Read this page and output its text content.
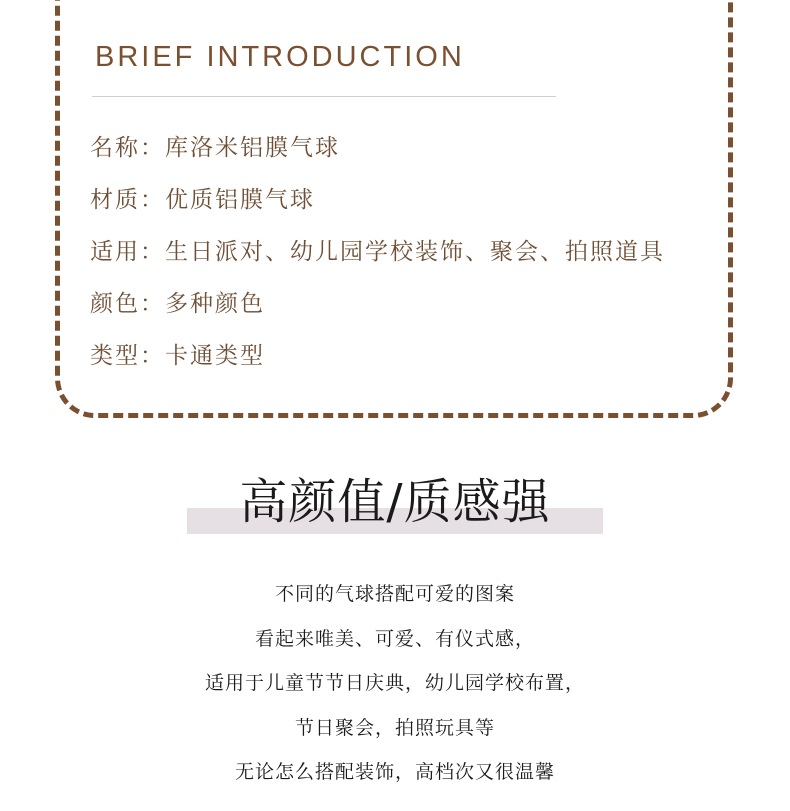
BRIEF INTRODUCTION
名称：库洛米铝膜气球
材质：优质铝膜气球
适用：生日派对、幼儿园学校装饰、聚会、拍照道具
颜色：多种颜色
类型：卡通类型
高颜值/质感强
不同的气球搭配可爱的图案
看起来唯美、可爱、有仪式感，
适用于儿童节节日庆典，幼儿园学校布置，
节日聚会，拍照玩具等
无论怎么搭配装饰，高档次又很温馨
